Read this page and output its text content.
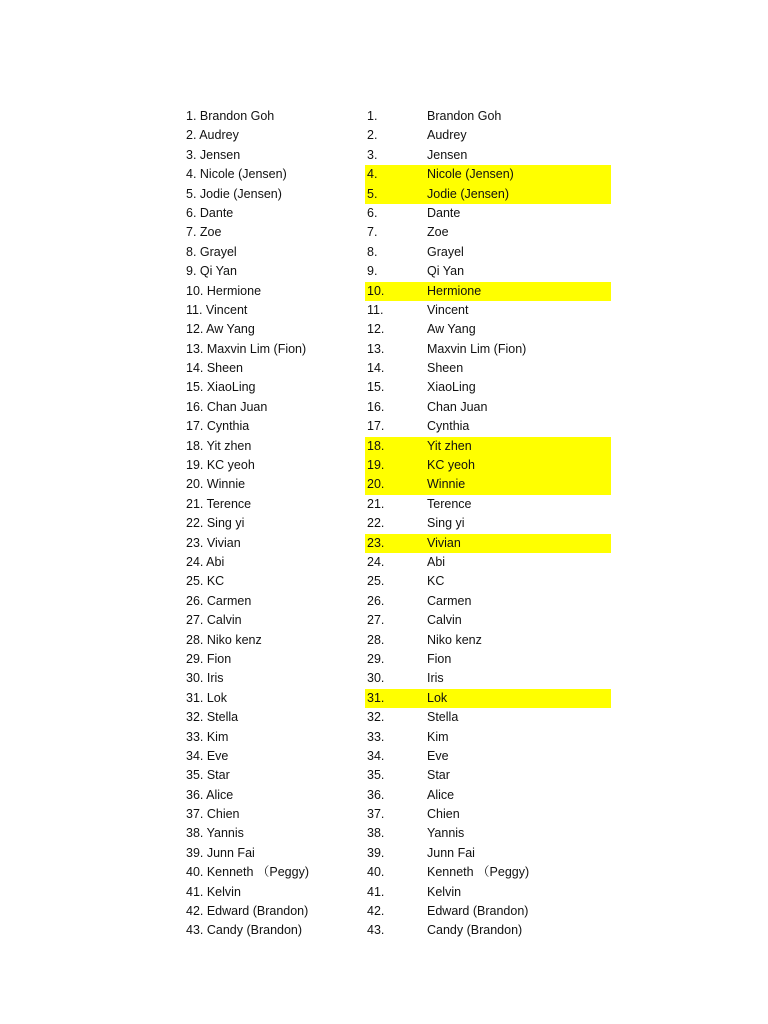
1. Brandon Goh
2. Audrey
3. Jensen
4. Nicole (Jensen)
5. Jodie (Jensen)
6. Dante
7. Zoe
8. Grayel
9. Qi Yan
10. Hermione
11. Vincent
12. Aw Yang
13. Maxvin Lim (Fion)
14. Sheen
15. XiaoLing
16. Chan Juan
17. Cynthia
18. Yit zhen
19. KC yeoh
20. Winnie
21. Terence
22. Sing yi
23. Vivian
24. Abi
25. KC
26. Carmen
27. Calvin
28. Niko kenz
29. Fion
30. Iris
31. Lok
32. Stella
33. Kim
34. Eve
35. Star
36. Alice
37. Chien
38. Yannis
39. Junn Fai
40. Kenneth （Peggy)
41. Kelvin
42. Edward (Brandon)
43. Candy (Brandon)
1.	Brandon Goh
2.	Audrey
3.	Jensen
4.	Nicole (Jensen)
5.	Jodie (Jensen)
6.	Dante
7.	Zoe
8.	Grayel
9.	Qi Yan
10.	Hermione
11.	Vincent
12.	Aw Yang
13.	Maxvin Lim (Fion)
14.	Sheen
15.	XiaoLing
16.	Chan Juan
17.	Cynthia
18.	Yit zhen
19.	KC yeoh
20.	Winnie
21.	Terence
22.	Sing yi
23.	Vivian
24.	Abi
25.	KC
26.	Carmen
27.	Calvin
28.	Niko kenz
29.	Fion
30.	Iris
31.	Lok
32.	Stella
33.	Kim
34.	Eve
35.	Star
36.	Alice
37.	Chien
38.	Yannis
39.	Junn Fai
40.	Kenneth （Peggy)
41.	Kelvin
42.	Edward (Brandon)
43.	Candy (Brandon)
